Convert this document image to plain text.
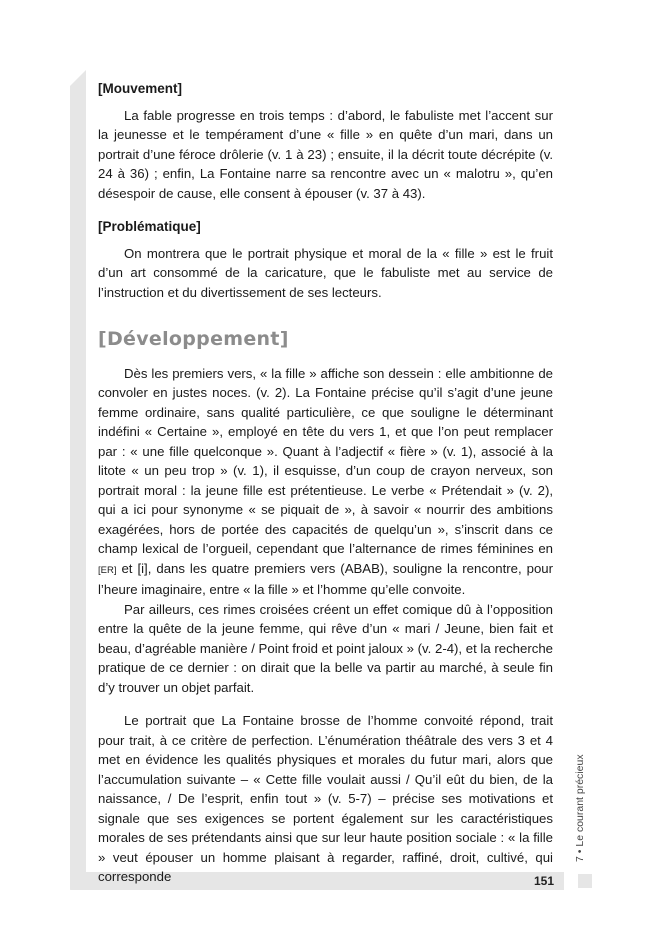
[Mouvement]

La fable progresse en trois temps : d’abord, le fabuliste met l’accent sur la jeunesse et le tempérament d’une « fille » en quête d’un mari, dans un portrait d’une féroce drôlerie (v. 1 à 23) ; ensuite, il la décrit toute décrépite (v. 24 à 36) ; enfin, La Fontaine narre sa rencontre avec un « malotru », qu’en désespoir de cause, elle consent à épouser (v. 37 à 43).

[Problématique]

On montrera que le portrait physique et moral de la « fille » est le fruit d’un art consommé de la caricature, que le fabuliste met au service de l’instruction et du divertissement de ses lecteurs.

[Développement]

Dès les premiers vers, « la fille » affiche son dessein : elle ambitionne de convoler en justes noces. (v. 2). La Fontaine précise qu’il s’agit d’une jeune femme ordinaire, sans qualité particulière, ce que souligne le déterminant indéfini « Certaine », employé en tête du vers 1, et que l’on peut remplacer par : « une fille quelconque ». Quant à l’adjectif « fière » (v. 1), associé à la litote « un peu trop » (v. 1), il esquisse, d’un coup de crayon nerveux, son portrait moral : la jeune fille est prétentieuse. Le verbe « Prétendait » (v. 2), qui a ici pour synonyme « se piquait de », à savoir « nourrir des ambitions exagérées, hors de portée des capacités de quelqu’un », s’inscrit dans ce champ lexical de l’orgueil, cependant que l’alternance de rimes féminines en [ER] et [i], dans les quatre premiers vers (ABAB), souligne la rencontre, pour l’heure imaginaire, entre « la fille » et l’homme qu’elle convoite.

Par ailleurs, ces rimes croisées créent un effet comique dû à l’opposition entre la quête de la jeune femme, qui rêve d’un « mari / Jeune, bien fait et beau, d’agréable manière / Point froid et point jaloux » (v. 2-4), et la recherche pratique de ce dernier : on dirait que la belle va partir au marché, à seule fin d’y trouver un objet parfait.

Le portrait que La Fontaine brosse de l’homme convoité répond, trait pour trait, à ce critère de perfection. L’énumération théâtrale des vers 3 et 4 met en évidence les qualités physiques et morales du futur mari, alors que l’accumulation suivante – « Cette fille voulait aussi / Qu’il eût du bien, de la naissance, / De l’esprit, enfin tout » (v. 5-7) – précise ses motivations et signale que ses exigences se portent également sur les caractéristiques morales de ses prétendants ainsi que sur leur haute position sociale : « la fille » veut épouser un homme plaisant à regarder, raffiné, droit, cultivé, qui corresponde

7 • Le courant précieux
151
